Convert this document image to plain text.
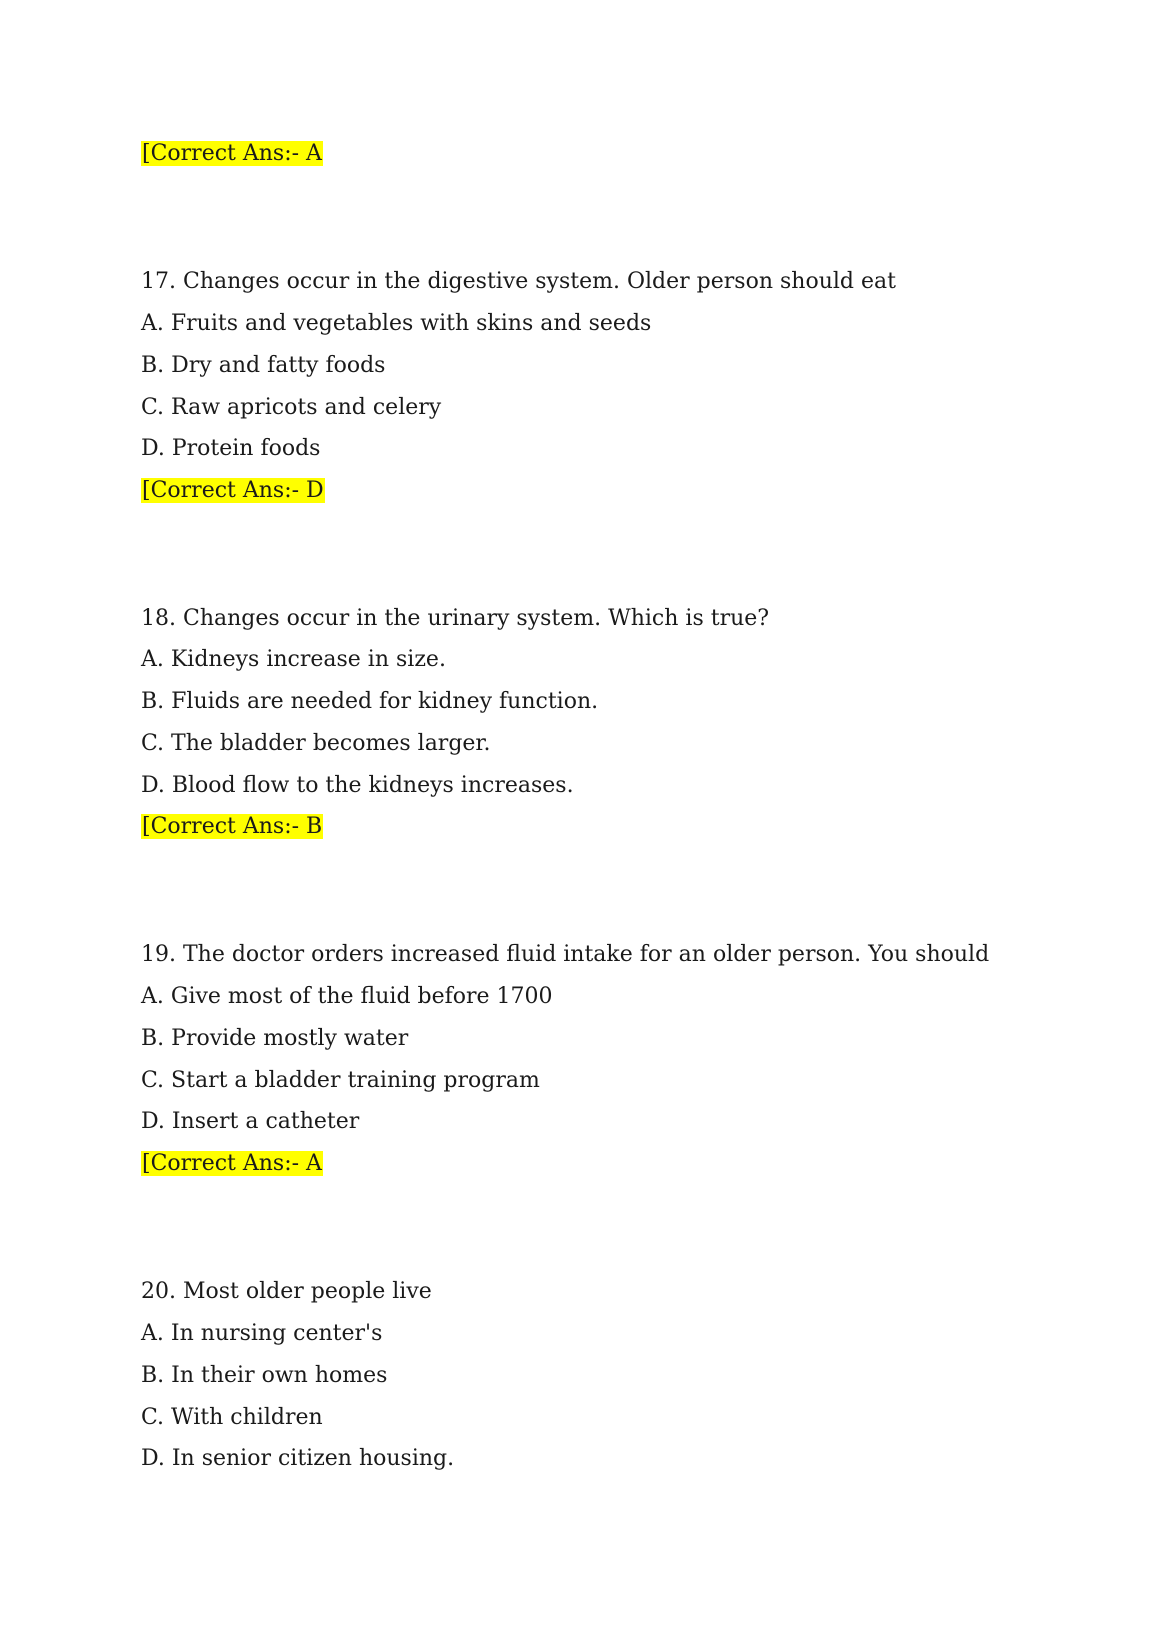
[Correct Ans:- A
17. Changes occur in the digestive system. Older person should eat
A. Fruits and vegetables with skins and seeds
B. Dry and fatty foods
C. Raw apricots and celery
D. Protein foods
[Correct Ans:- D
18. Changes occur in the urinary system. Which is true?
A. Kidneys increase in size.
B. Fluids are needed for kidney function.
C. The bladder becomes larger.
D. Blood flow to the kidneys increases.
[Correct Ans:- B
19. The doctor orders increased fluid intake for an older person. You should
A. Give most of the fluid before 1700
B. Provide mostly water
C. Start a bladder training program
D. Insert a catheter
[Correct Ans:- A
20. Most older people live
A. In nursing center's
B. In their own homes
C. With children
D. In senior citizen housing.
